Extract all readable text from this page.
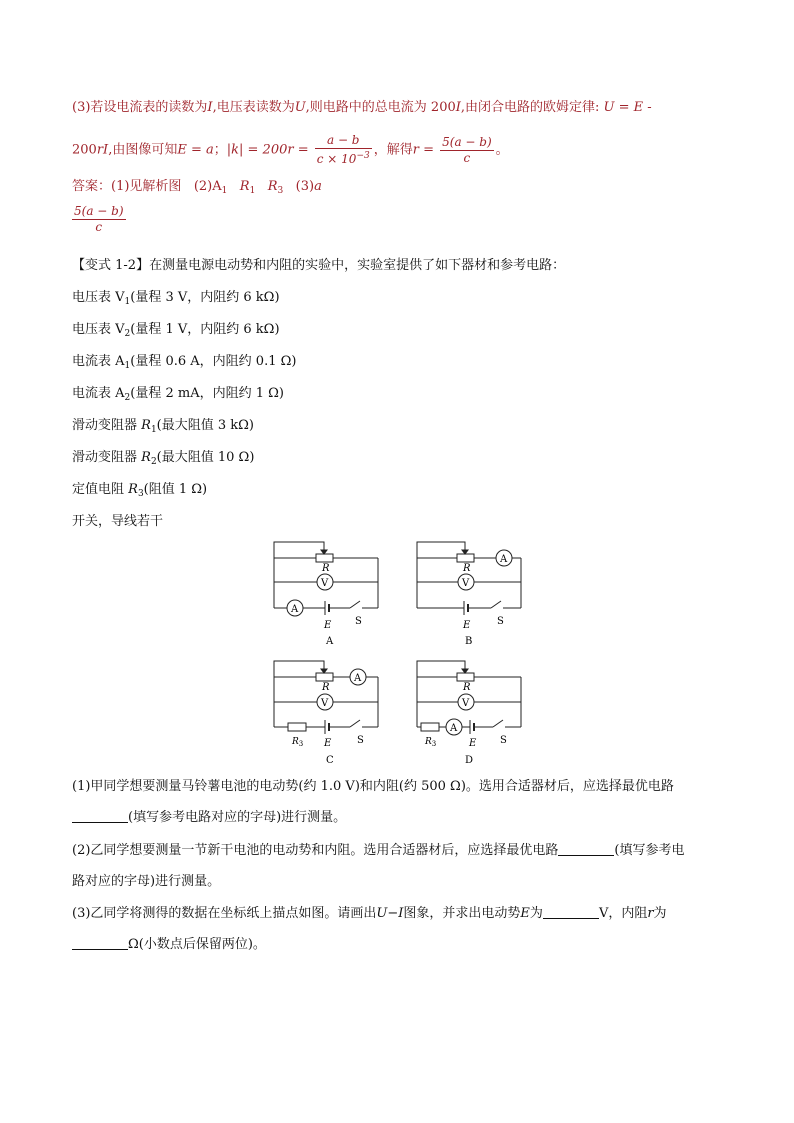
(3)若设电流表的读数为I,电压表读数为U,则电路中的总电流为 200I,由闭合电路的欧姆定律: U = E -
200rI,由图像可知E = a；$|k| = 200r = \frac{a - b}{c \times 10^{-3}}$ ，解得$r = \frac{5(a - b)}{c}$ 。
答案：(1)见解析图 $(2)A_1$ $R_1$ $R_3$ (3)a
$\frac{5(a - b)}{c}$
【变式 1-2】在测量电源电动势和内阻的实验中，实验室提供了如下器材和参考电路：
电压表 $V_1$(量程 3 V，内阻约 6 kΩ)
电压表 $V_2$(量程 1 V，内阻约 6 kΩ)
电流表 $A_1$(量程 0.6 A，内阻约 0.1 Ω)
电流表 $A_2$(量程 2 mA，内阻约 1 Ω)
滑动变阻器 $R_1$(最大阻值 3 kΩ)
滑动变阻器 $R_2$(最大阻值 10 Ω)
定值电阻 $R_3$(阻值 1 Ω)
开关，导线若干
R
V
A
E S
A
R
A
V
E	S
B
R
A
V
$R_3$ E	S
C
R
V
A
$R_3$	E S
D
(1)甲同学想要测量马铃薯电池的电动势(约 1.0 V)和内阻(约 500 Ω)。选用合适器材后，应选择最优电路
(填写参考电路对应的字母)进行测量。
(2)乙同学想要测量一节新干电池的电动势和内阻。选用合适器材后，应选择最优电路	(填写参考电
路对应的字母)进行测量。
(3)乙同学将测得的数据在坐标纸上描点如图。请画出U−I图象，并求出电动势E为	V，内阻r为
Ω(小数点后保留两位)。
